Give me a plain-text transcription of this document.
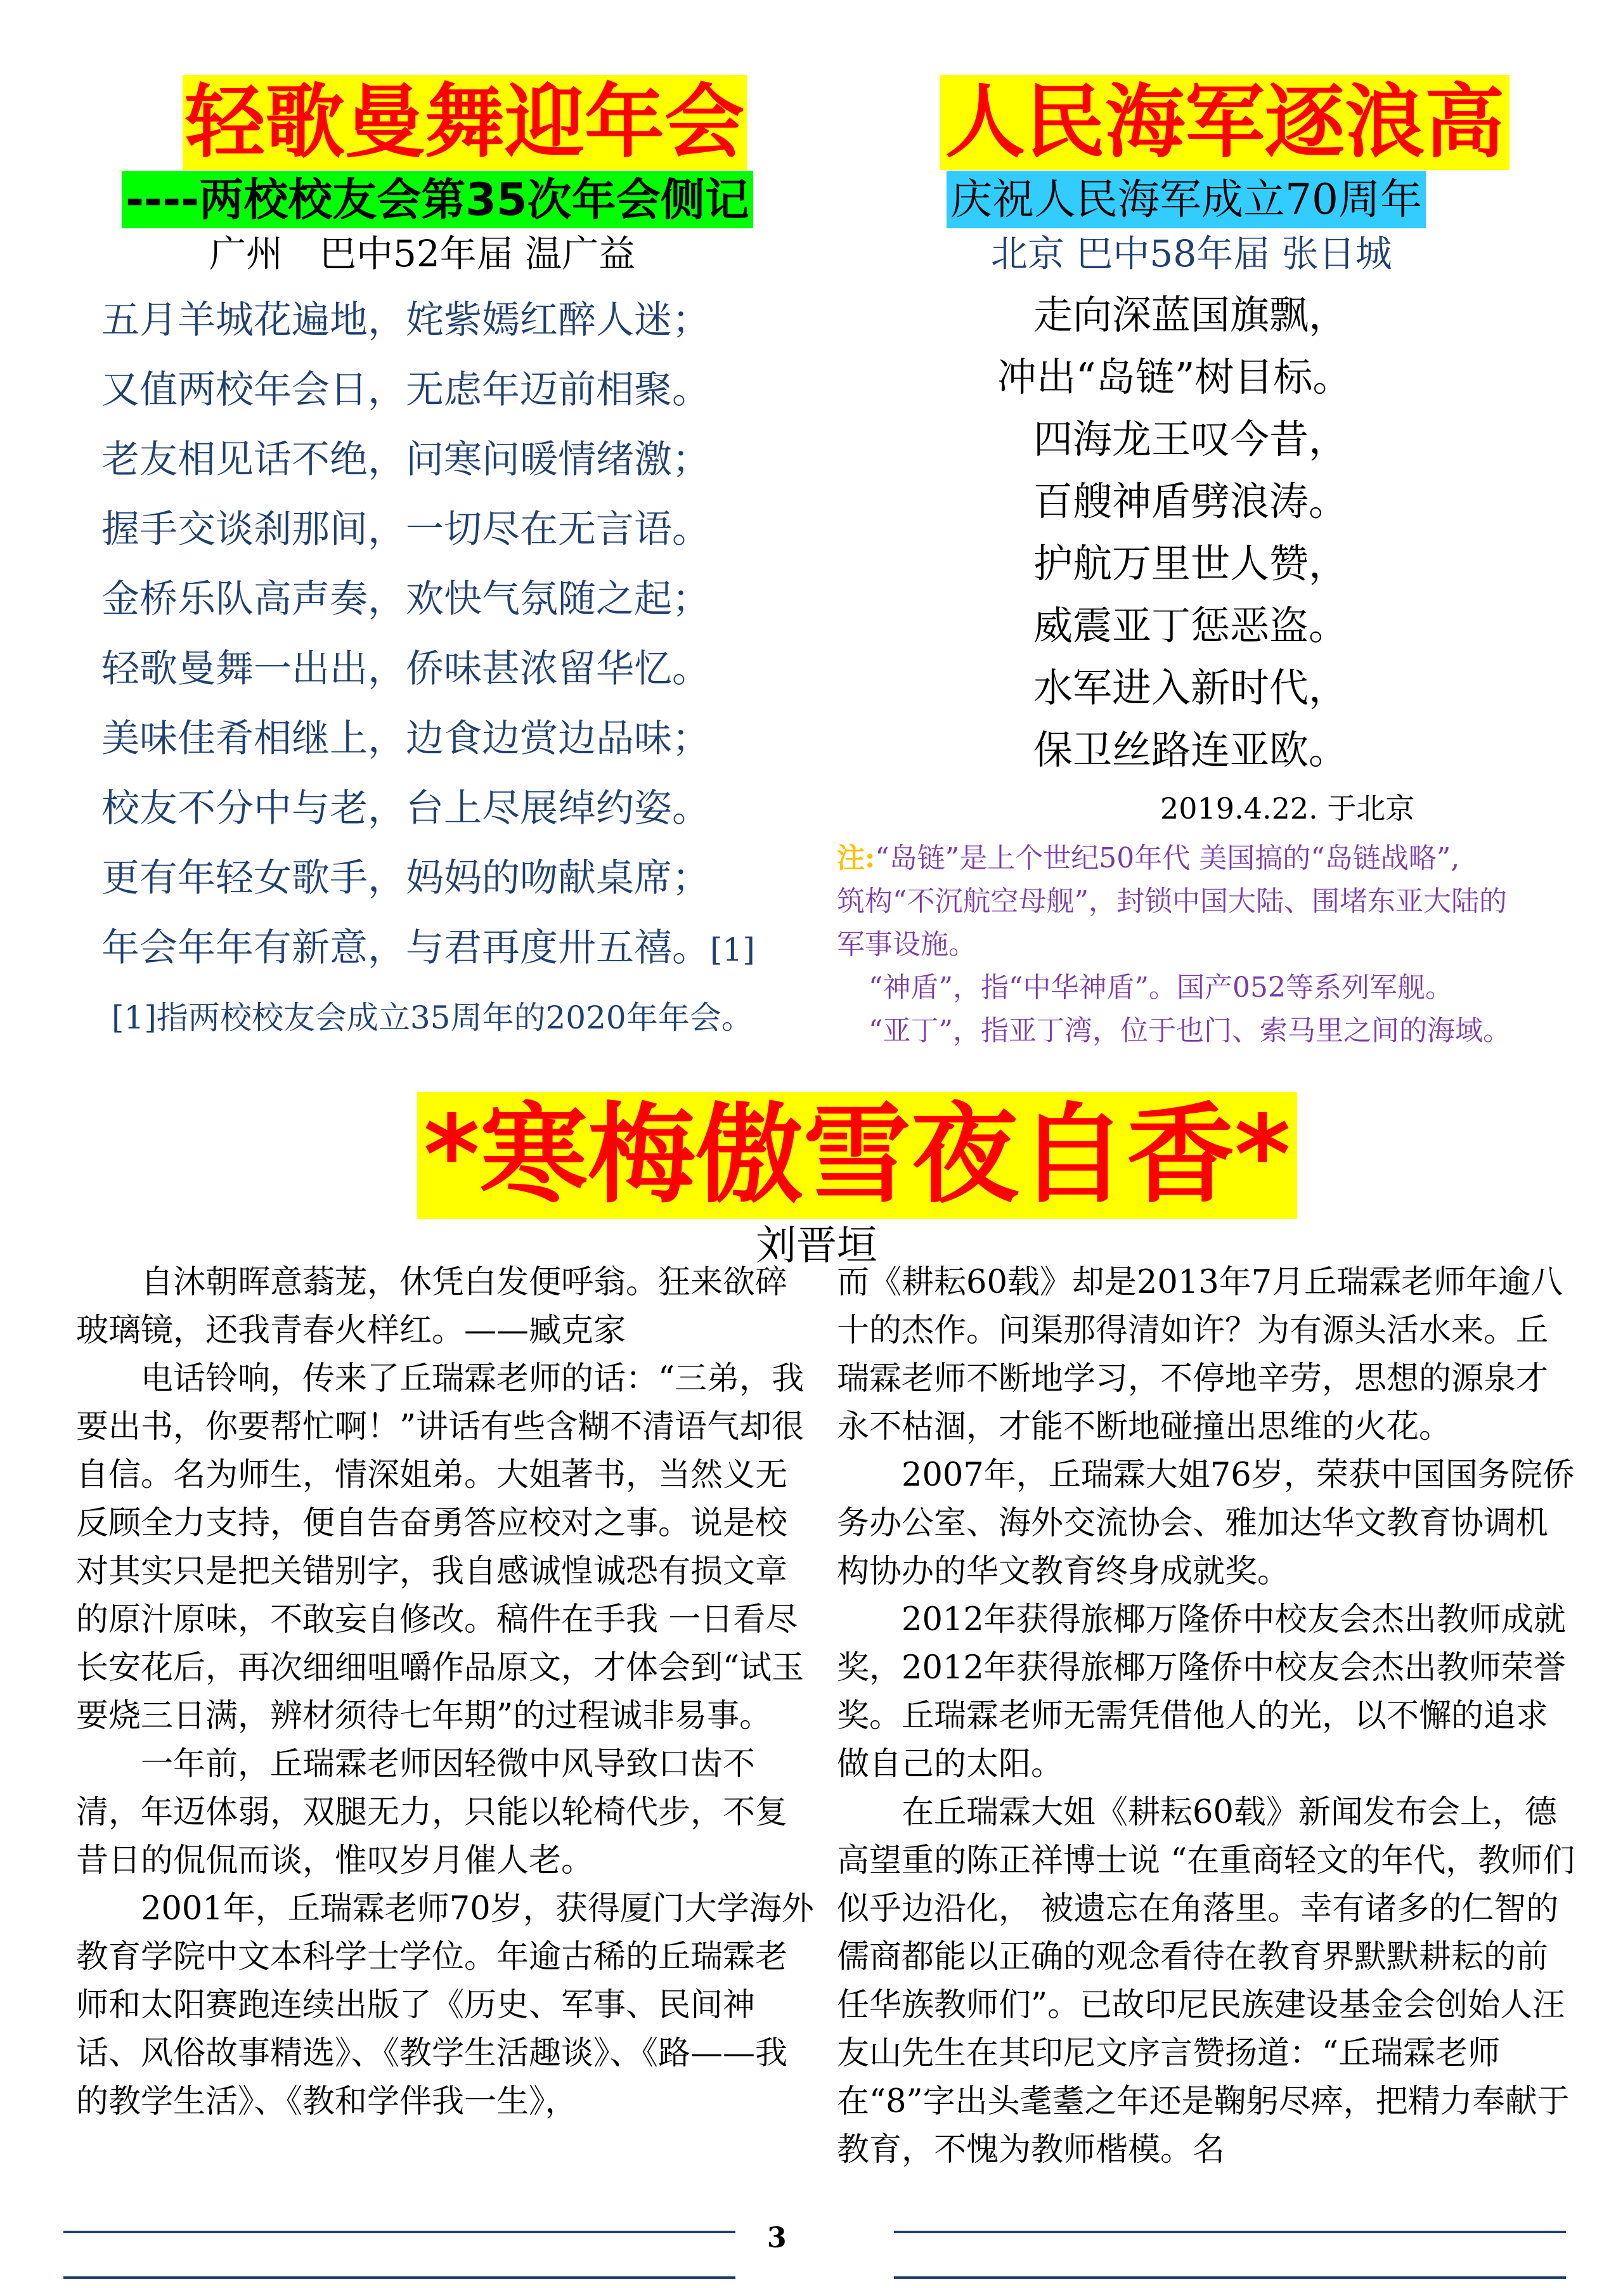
轻歌曼舞迎年会
----两校校友会第35次年会侧记
广州　巴中52年届 温广益
五月羊城花遍地，姹紫嫣红醉人迷；
又值两校年会日，无虑年迈前相聚。
老友相见话不绝，问寒问暖情绪激；
握手交谈刹那间，一切尽在无言语。
金桥乐队高声奏，欢快气氛随之起；
轻歌曼舞一出出，侨味甚浓留华忆。
美味佳肴相继上，边食边赏边品味；
校友不分中与老，台上尽展绰约姿。
更有年轻女歌手，妈妈的吻献桌席；
年会年年有新意，与君再度卅五禧。[1]
[1]指两校校友会成立35周年的2020年年会。
人民海军逐浪高
庆祝人民海军成立70周年
北京 巴中58年届 张日城
走向深蓝国旗飘，
冲出“岛链”树目标。
四海龙王叹今昔，
百艘神盾劈浪涛。
护航万里世人赞，
威震亚丁惩恶盗。
水军进入新时代，
保卫丝路连亚欧。
2019.4.22. 于北京
注:“岛链”是上个世纪50年代 美国搞的“岛链战略”,
筑构“不沉航空母舰”，封锁中国大陆、围堵东亚大陆的
军事设施。
“神盾”，指“中华神盾”。国产052等系列军舰。
“亚丁”，指亚丁湾，位于也门、索马里之间的海域。
*寒梅傲雪夜自香*
刘晋垣

　　自沐朝晖意蓊茏，休凭白发便呼翁。狂来欲碎玻璃镜，还我青春火样红。——臧克家

　　电话铃响，传来了丘瑞霖老师的话：“三弟，我要出书，你要帮忙啊！”讲话有些含糊不清语气却很自信。名为师生，情深姐弟。大姐著书，当然义无反顾全力支持，便自告奋勇答应校对之事。说是校对其实只是把关错别字，我自感诚惶诚恐有损文章的原汁原味，不敢妄自修改。稿件在手我 一日看尽长安花后，再次细细咀嚼作品原文，才体会到“试玉要烧三日满，辨材须待七年期”的过程诚非易事。

　　一年前，丘瑞霖老师因轻微中风导致口齿不清，年迈体弱，双腿无力，只能以轮椅代步，不复昔日的侃侃而谈，惟叹岁月催人老。

　　2001年，丘瑞霖老师70岁，获得厦门大学海外教育学院中文本科学士学位。年逾古稀的丘瑞霖老师和太阳赛跑连续出版了《历史、军事、民间神话、风俗故事精选》、《教学生活趣谈》、《路——我的教学生活》、《教和学伴我一生》，

而《耕耘60载》却是2013年7月丘瑞霖老师年逾八十的杰作。问渠那得清如许？为有源头活水来。丘瑞霖老师不断地学习，不停地辛劳，思想的源泉才永不枯涸，才能不断地碰撞出思维的火花。

　　2007年，丘瑞霖大姐76岁，荣获中国国务院侨务办公室、海外交流协会、雅加达华文教育协调机构协办的华文教育终身成就奖。

　　2012年获得旅椰万隆侨中校友会杰出教师成就奖，2012年获得旅椰万隆侨中校友会杰出教师荣誉奖。丘瑞霖老师无需凭借他人的光，以不懈的追求做自己的太阳。

　　在丘瑞霖大姐《耕耘60载》新闻发布会上，德高望重的陈正祥博士说 “在重商轻文的年代，教师们似乎边沿化， 被遗忘在角落里。幸有诸多的仁智的儒商都能以正确的观念看待在教育界默默耕耘的前任华族教师们”。已故印尼民族建设基金会创始人汪友山先生在其印尼文序言赞扬道：“丘瑞霖老师在“8”字出头耄耋之年还是鞠躬尽瘁，把精力奉献于教育，不愧为教师楷模。名

3
